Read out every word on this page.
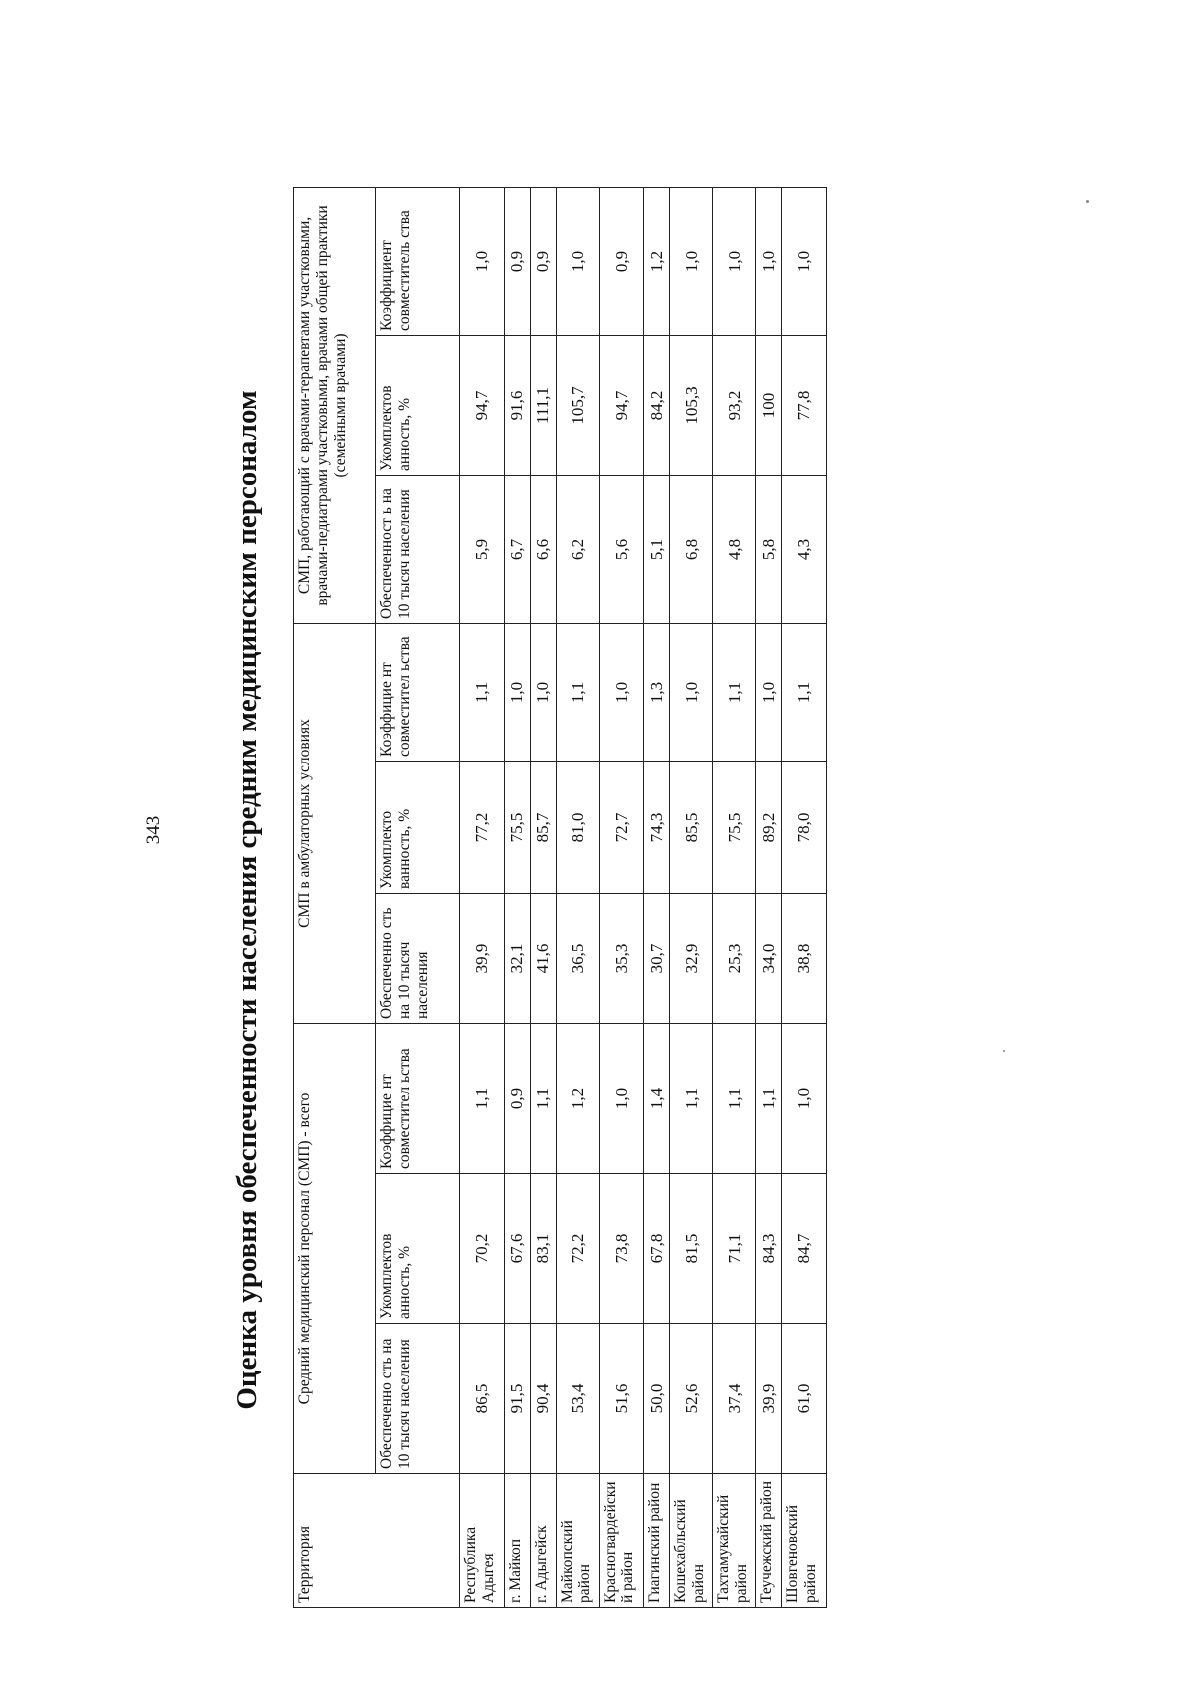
343 Оценка уровня обеспеченности населения средним медицинским персоналом
Территория	Средний медицинский персонал (СМП) - всего			СМП в амбулаторных условиях			СМП, работающий с врачами-терапевтами участковыми, врачами-педиатрами участковыми, врачами общей практики (семейными врачами)		
	Обеспеченно сть на 10 тысяч населения	Укомплектов анность, %	Коэффицие нт совместител ьства	Обеспеченно сть на 10 тысяч населения	Укомплекто ванность, %	Коэффицие нт совместител ьства	Обеспеченност ь на 10 тысяч населения	Укомплектов анность, %	Коэффициент совместитель ства
Республика Адыгея	86,5	70,2	1,1	39,9	77,2	1,1	5,9	94,7	1,0
г. Майкоп	91,5	67,6	0,9	32,1	75,5	1,0	6,7	91,6	0,9
г. Адыгейск	90,4	83,1	1,1	41,6	85,7	1,0	6,6	111,1	0,9
Майкопский район	53,4	72,2	1,2	36,5	81,0	1,1	6,2	105,7	1,0
Красногвардейски й район	51,6	73,8	1,0	35,3	72,7	1,0	5,6	94,7	0,9
Гиагинский район	50,0	67,8	1,4	30,7	74,3	1,3	5,1	84,2	1,2
Кошехабльский район	52,6	81,5	1,1	32,9	85,5	1,0	6,8	105,3	1,0
Тахтамукайский район	37,4	71,1	1,1	25,3	75,5	1,1	4,8	93,2	1,0
Теучежский район	39,9	84,3	1,1	34,0	89,2	1,0	5,8	100	1,0
Шовгеновский район	61,0	84,7	1,0	38,8	78,0	1,1	4,3	77,8	1,0
